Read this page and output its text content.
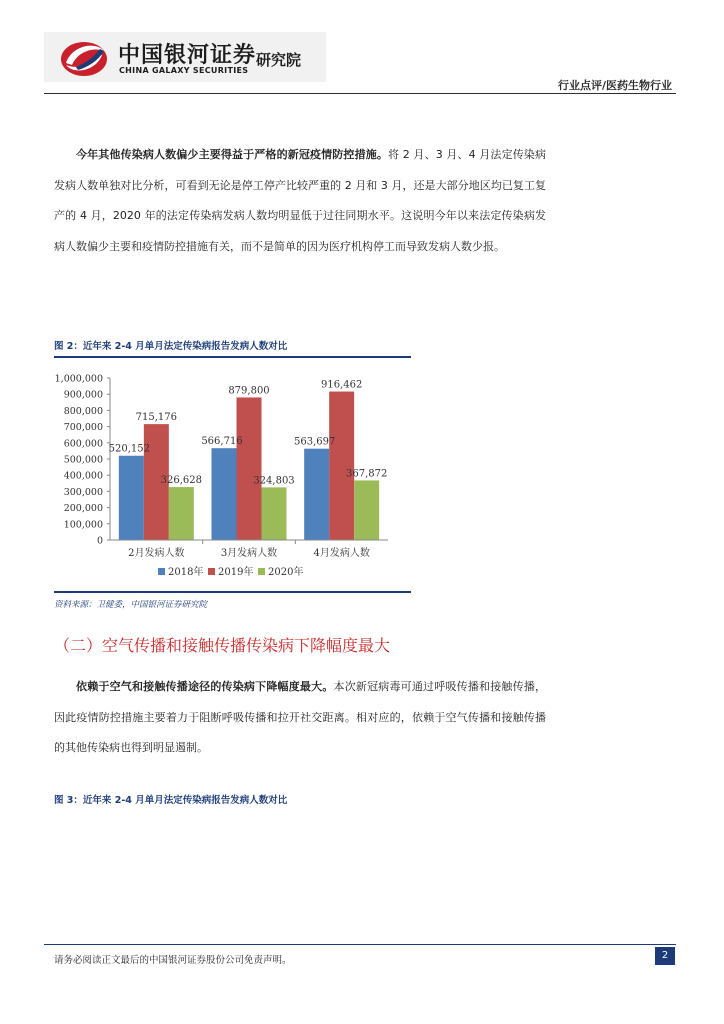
中国银河证券 研究院
CHINA GALAXY SECURITIES
行业点评/医药生物行业

今年其他传染病人数偏少主要得益于严格的新冠疫情防控措施。将 2 月、3 月、4 月法定传染病发病人数单独对比分析，可看到无论是停工停产比较严重的 2 月和 3 月，还是大部分地区均已复工复产的 4 月，2020 年的法定传染病发病人数均明显低于过往同期水平。这说明今年以来法定传染病发病人数偏少主要和疫情防控措施有关，而不是简单的因为医疗机构停工而导致发病人数少报。

图 2：近年来 2-4 月单月法定传染病报告发病人数对比
0
100,000
200,000
300,000
400,000
500,000
600,000
700,000
800,000
900,000
1,000,000
520,152
715,176
326,628
566,716
879,800
324,803
563,697
916,462
367,872
2月发病人数	3月发病人数	4月发病人数
2018年 2019年 2020年
资料来源：卫健委，中国银河证券研究院
（二）空气传播和接触传播传染病下降幅度最大

依赖于空气和接触传播途径的传染病下降幅度最大。本次新冠病毒可通过呼吸传播和接触传播，因此疫情防控措施主要着力于阻断呼吸传播和拉开社交距离。相对应的，依赖于空气传播和接触传播的其他传染病也得到明显遏制。

图 3：近年来 2-4 月单月法定传染病报告发病人数对比
请务必阅读正文最后的中国银河证券股份公司免责声明。	2
